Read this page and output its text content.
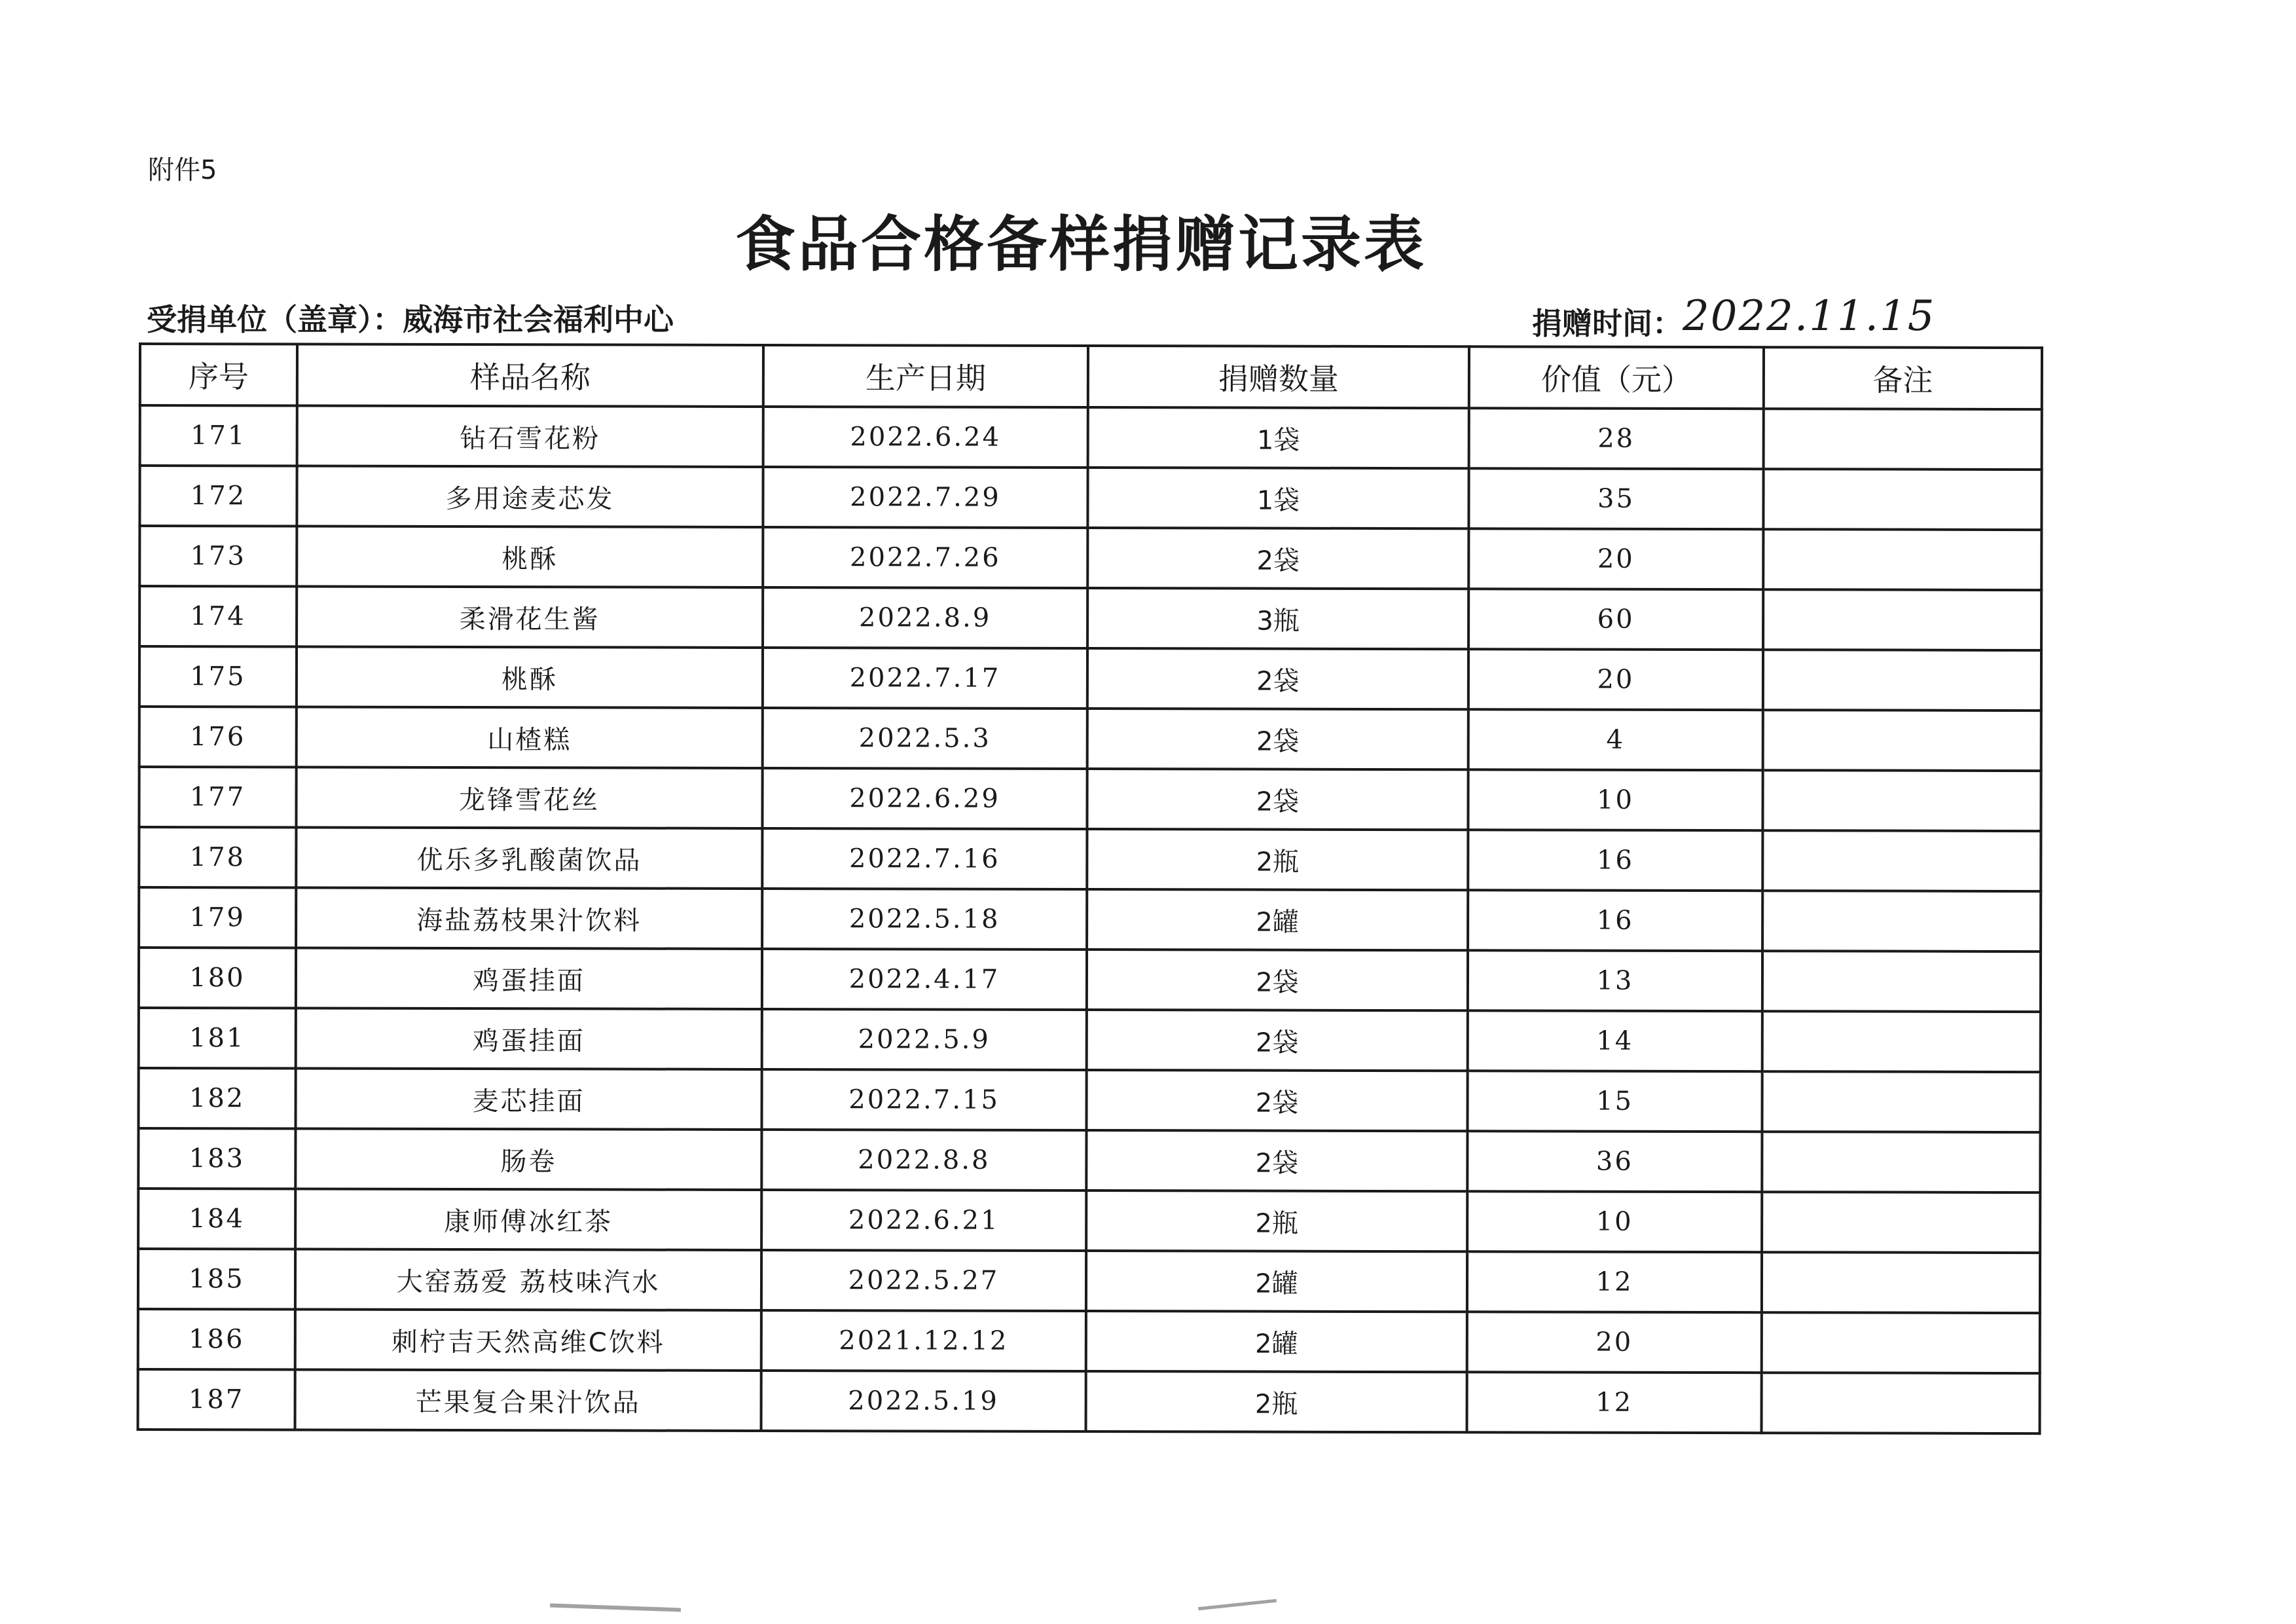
附件5
食品合格备样捐赠记录表
受捐单位（盖章）：威海市社会福利中心	捐赠时间：2022.11.15
序号	样品名称	生产日期	捐赠数量	价值（元）	备注
171	钻石雪花粉	2022.6.24	1袋	28	
172	多用途麦芯发	2022.7.29	1袋	35	
173	桃酥	2022.7.26	2袋	20	
174	柔滑花生酱	2022.8.9	3瓶	60	
175	桃酥	2022.7.17	2袋	20	
176	山楂糕	2022.5.3	2袋	4	
177	龙锋雪花丝	2022.6.29	2袋	10	
178	优乐多乳酸菌饮品	2022.7.16	2瓶	16	
179	海盐荔枝果汁饮料	2022.5.18	2罐	16	
180	鸡蛋挂面	2022.4.17	2袋	13	
181	鸡蛋挂面	2022.5.9	2袋	14	
182	麦芯挂面	2022.7.15	2袋	15	
183	肠卷	2022.8.8	2袋	36	
184	康师傅冰红茶	2022.6.21	2瓶	10	
185	大窑荔爱 荔枝味汽水	2022.5.27	2罐	12	
186	刺柠吉天然高维C饮料	2021.12.12	2罐	20	
187	芒果复合果汁饮品	2022.5.19	2瓶	12	
